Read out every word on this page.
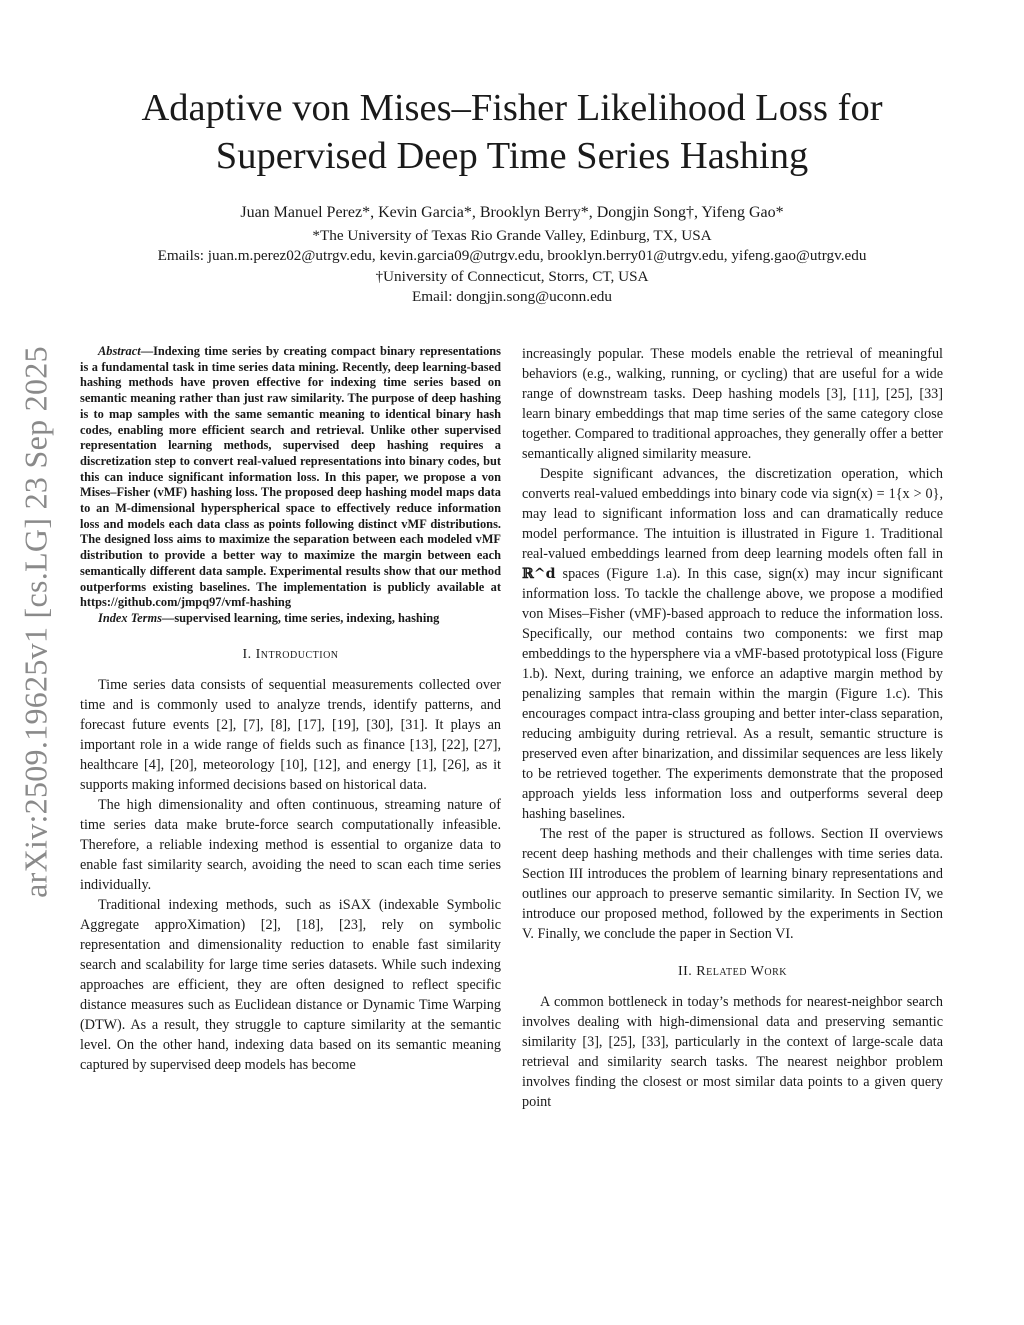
arXiv:2509.19625v1 [cs.LG] 23 Sep 2025
Adaptive von Mises–Fisher Likelihood Loss for Supervised Deep Time Series Hashing
Juan Manuel Perez*, Kevin Garcia*, Brooklyn Berry*, Dongjin Song†, Yifeng Gao*
*The University of Texas Rio Grande Valley, Edinburg, TX, USA
Emails: juan.m.perez02@utrgv.edu, kevin.garcia09@utrgv.edu, brooklyn.berry01@utrgv.edu, yifeng.gao@utrgv.edu
†University of Connecticut, Storrs, CT, USA
Email: dongjin.song@uconn.edu

Abstract—Indexing time series by creating compact binary representations is a fundamental task in time series data mining. Recently, deep learning-based hashing methods have proven effective for indexing time series based on semantic meaning rather than just raw similarity. The purpose of deep hashing is to map samples with the same semantic meaning to identical binary hash codes, enabling more efficient search and retrieval. Unlike other supervised representation learning methods, supervised deep hashing requires a discretization step to convert real-valued representations into binary codes, but this can induce significant information loss. In this paper, we propose a von Mises–Fisher (vMF) hashing loss. The proposed deep hashing model maps data to an M-dimensional hyperspherical space to effectively reduce information loss and models each data class as points following distinct vMF distributions. The designed loss aims to maximize the separation between each modeled vMF distribution to provide a better way to maximize the margin between each semantically different data sample. Experimental results show that our method outperforms existing baselines. The implementation is publicly available at https://github.com/jmpq97/vmf-hashing

Index Terms—supervised learning, time series, indexing, hashing

I. Introduction

Time series data consists of sequential measurements collected over time and is commonly used to analyze trends, identify patterns, and forecast future events [2], [7], [8], [17], [19], [30], [31]. It plays an important role in a wide range of fields such as finance [13], [22], [27], healthcare [4], [20], meteorology [10], [12], and energy [1], [26], as it supports making informed decisions based on historical data.

The high dimensionality and often continuous, streaming nature of time series data make brute-force search computationally infeasible. Therefore, a reliable indexing method is essential to organize data to enable fast similarity search, avoiding the need to scan each time series individually.

Traditional indexing methods, such as iSAX (indexable Symbolic Aggregate approXimation) [2], [18], [23], rely on symbolic representation and dimensionality reduction to enable fast similarity search and scalability for large time series datasets. While such indexing approaches are efficient, they are often designed to reflect specific distance measures such as Euclidean distance or Dynamic Time Warping (DTW). As a result, they struggle to capture similarity at the semantic level. On the other hand, indexing data based on its semantic meaning captured by supervised deep models has become

increasingly popular. These models enable the retrieval of meaningful behaviors (e.g., walking, running, or cycling) that are useful for a wide range of downstream tasks. Deep hashing models [3], [11], [25], [33] learn binary embeddings that map time series of the same category close together. Compared to traditional approaches, they generally offer a better semantically aligned similarity measure.

Despite significant advances, the discretization operation, which converts real-valued embeddings into binary code via sign(x) = 1{x > 0}, may lead to significant information loss and can dramatically reduce model performance. The intuition is illustrated in Figure 1. Traditional real-valued embeddings learned from deep learning models often fall in ℝ^d spaces (Figure 1.a). In this case, sign(x) may incur significant information loss. To tackle the challenge above, we propose a modified von Mises–Fisher (vMF)-based approach to reduce the information loss. Specifically, our method contains two components: we first map embeddings to the hypersphere via a vMF-based prototypical loss (Figure 1.b). Next, during training, we enforce an adaptive margin method by penalizing samples that remain within the margin (Figure 1.c). This encourages compact intra-class grouping and better inter-class separation, reducing ambiguity during retrieval. As a result, semantic structure is preserved even after binarization, and dissimilar sequences are less likely to be retrieved together. The experiments demonstrate that the proposed approach yields less information loss and outperforms several deep hashing baselines.

The rest of the paper is structured as follows. Section II overviews recent deep hashing methods and their challenges with time series data. Section III introduces the problem of learning binary representations and outlines our approach to preserve semantic similarity. In Section IV, we introduce our proposed method, followed by the experiments in Section V. Finally, we conclude the paper in Section VI.

II. Related Work

A common bottleneck in today’s methods for nearest-neighbor search involves dealing with high-dimensional data and preserving semantic similarity [3], [25], [33], particularly in the context of large-scale data retrieval and similarity search tasks. The nearest neighbor problem involves finding the closest or most similar data points to a given query point
